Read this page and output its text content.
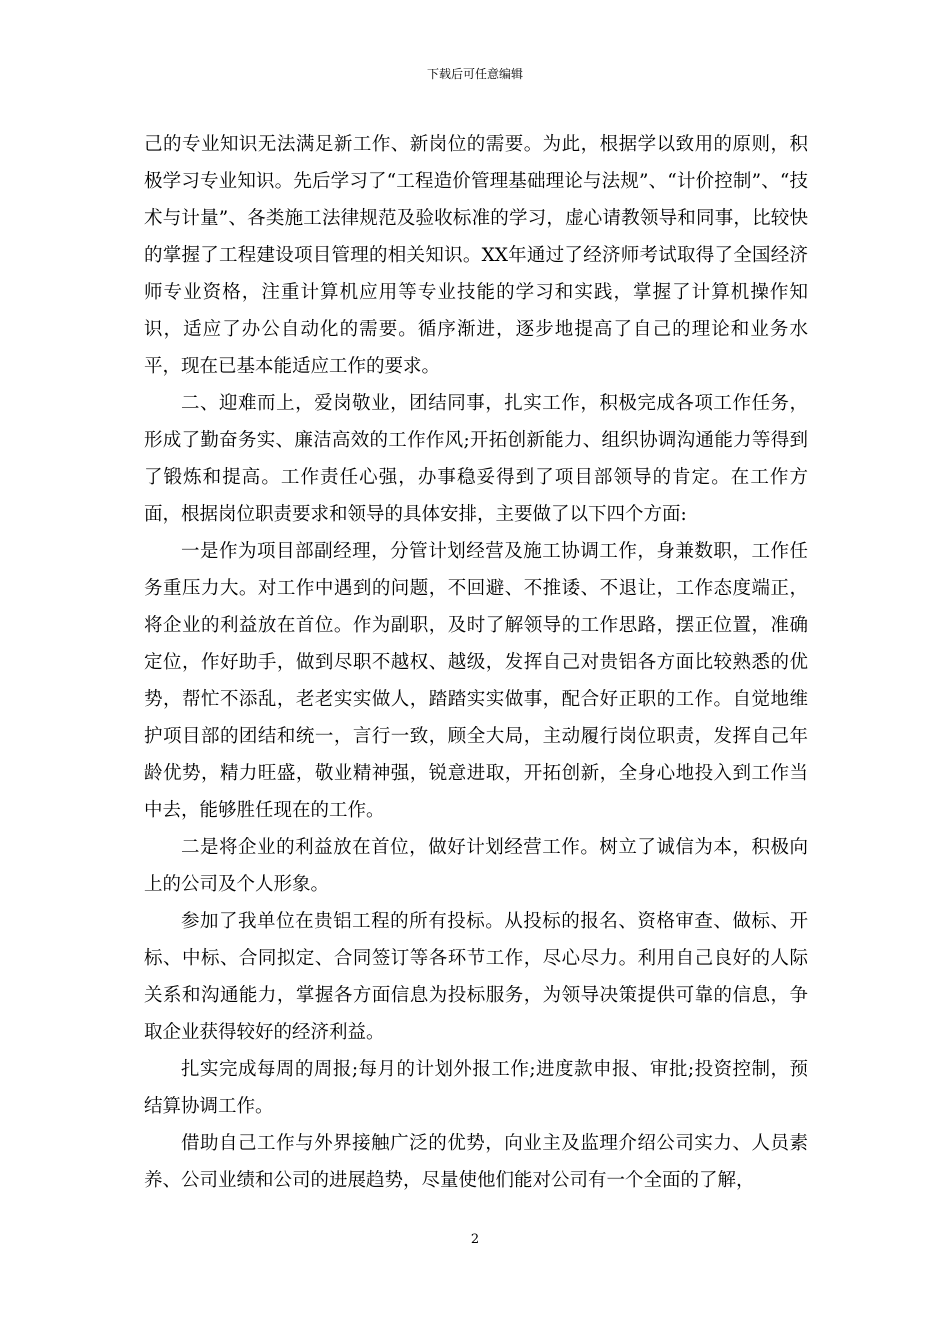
下载后可任意编辑

己的专业知识无法满足新工作、新岗位的需要。为此，根据学以致用的原则，积极学习专业知识。先后学习了“工程造价管理基础理论与法规”、“计价控制”、“技术与计量”、各类施工法律规范及验收标准的学习，虚心请教领导和同事，比较快的掌握了工程建设项目管理的相关知识。XX年通过了经济师考试取得了全国经济师专业资格，注重计算机应用等专业技能的学习和实践，掌握了计算机操作知识，适应了办公自动化的需要。循序渐进，逐步地提高了自己的理论和业务水平，现在已基本能适应工作的要求。

二、迎难而上，爱岗敬业，团结同事，扎实工作，积极完成各项工作任务，形成了勤奋务实、廉洁高效的工作作风;开拓创新能力、组织协调沟通能力等得到了锻炼和提高。工作责任心强，办事稳妥得到了项目部领导的肯定。在工作方面，根据岗位职责要求和领导的具体安排，主要做了以下四个方面:

一是作为项目部副经理，分管计划经营及施工协调工作，身兼数职，工作任务重压力大。对工作中遇到的问题，不回避、不推诿、不退让，工作态度端正，将企业的利益放在首位。作为副职，及时了解领导的工作思路，摆正位置，准确定位，作好助手，做到尽职不越权、越级，发挥自己对贵铝各方面比较熟悉的优势，帮忙不添乱，老老实实做人，踏踏实实做事，配合好正职的工作。自觉地维护项目部的团结和统一，言行一致，顾全大局，主动履行岗位职责，发挥自己年龄优势，精力旺盛，敬业精神强，锐意进取，开拓创新，全身心地投入到工作当中去，能够胜任现在的工作。

二是将企业的利益放在首位，做好计划经营工作。树立了诚信为本，积极向上的公司及个人形象。

参加了我单位在贵铝工程的所有投标。从投标的报名、资格审查、做标、开标、中标、合同拟定、合同签订等各环节工作，尽心尽力。利用自己良好的人际关系和沟通能力，掌握各方面信息为投标服务，为领导决策提供可靠的信息，争取企业获得较好的经济利益。

扎实完成每周的周报;每月的计划外报工作;进度款申报、审批;投资控制，预结算协调工作。

借助自己工作与外界接触广泛的优势，向业主及监理介绍公司实力、人员素养、公司业绩和公司的进展趋势，尽量使他们能对公司有一个全面的了解，

2
